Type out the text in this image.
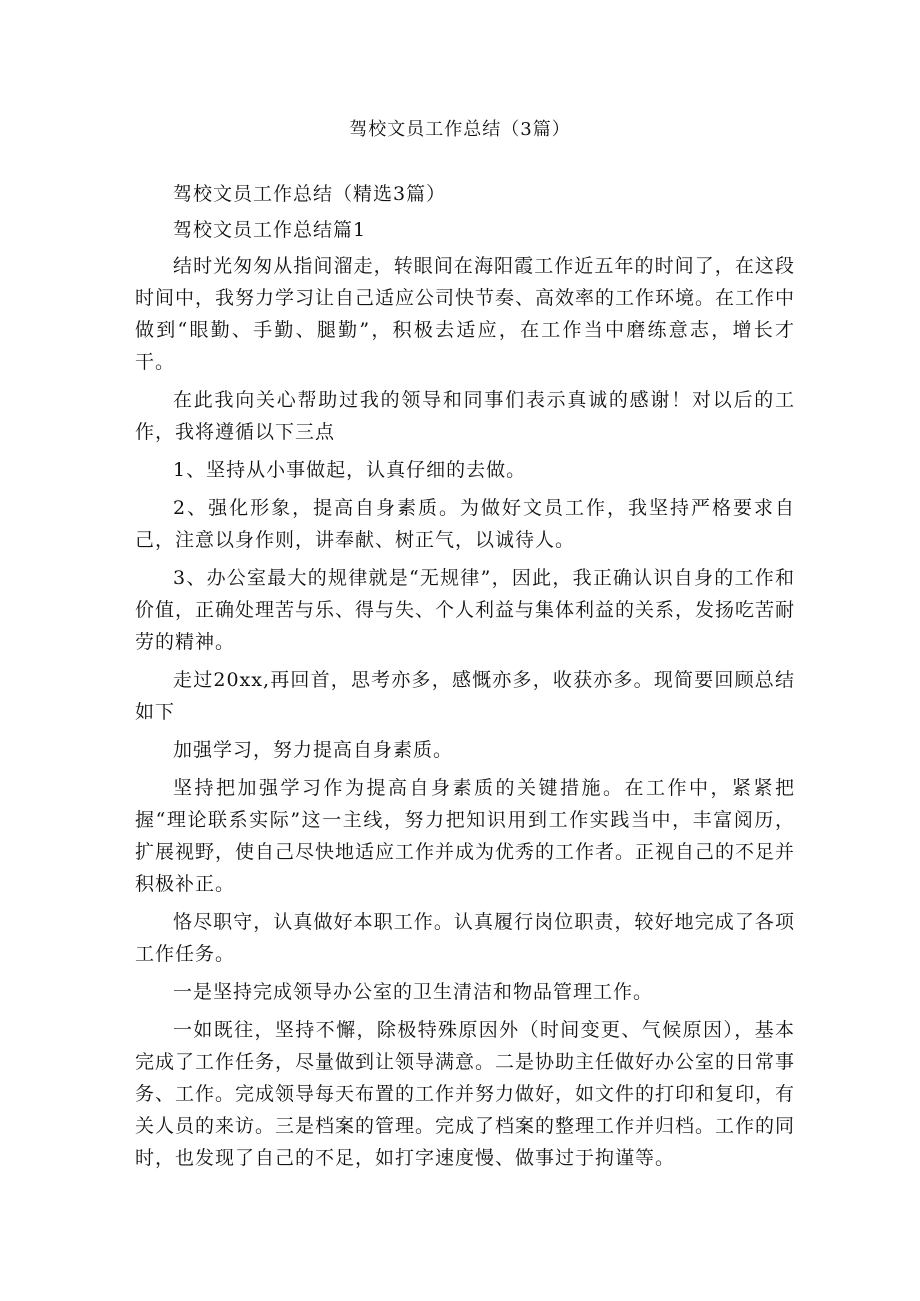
驾校文员工作总结（3篇）

驾校文员工作总结（精选3篇）

驾校文员工作总结篇1

结时光匆匆从指间溜走，转眼间在海阳霞工作近五年的时间了，在这段时间中，我努力学习让自己适应公司快节奏、高效率的工作环境。在工作中做到“眼勤、手勤、腿勤”，积极去适应，在工作当中磨练意志，增长才干。

在此我向关心帮助过我的领导和同事们表示真诚的感谢！对以后的工作，我将遵循以下三点

1、坚持从小事做起，认真仔细的去做。

2、强化形象，提高自身素质。为做好文员工作，我坚持严格要求自己，注意以身作则，讲奉献、树正气，以诚待人。

3、办公室最大的规律就是“无规律”，因此，我正确认识自身的工作和价值，正确处理苦与乐、得与失、个人利益与集体利益的关系，发扬吃苦耐劳的精神。

走过20xx,再回首，思考亦多，感慨亦多，收获亦多。现简要回顾总结如下

加强学习，努力提高自身素质。

坚持把加强学习作为提高自身素质的关键措施。在工作中，紧紧把握“理论联系实际”这一主线，努力把知识用到工作实践当中，丰富阅历，扩展视野，使自己尽快地适应工作并成为优秀的工作者。正视自己的不足并积极补正。

恪尽职守，认真做好本职工作。认真履行岗位职责，较好地完成了各项工作任务。

一是坚持完成领导办公室的卫生清洁和物品管理工作。

一如既往，坚持不懈，除极特殊原因外（时间变更、气候原因），基本完成了工作任务，尽量做到让领导满意。二是协助主任做好办公室的日常事务、工作。完成领导每天布置的工作并努力做好，如文件的打印和复印，有关人员的来访。三是档案的管理。完成了档案的整理工作并归档。工作的同时，也发现了自己的不足，如打字速度慢、做事过于拘谨等。
